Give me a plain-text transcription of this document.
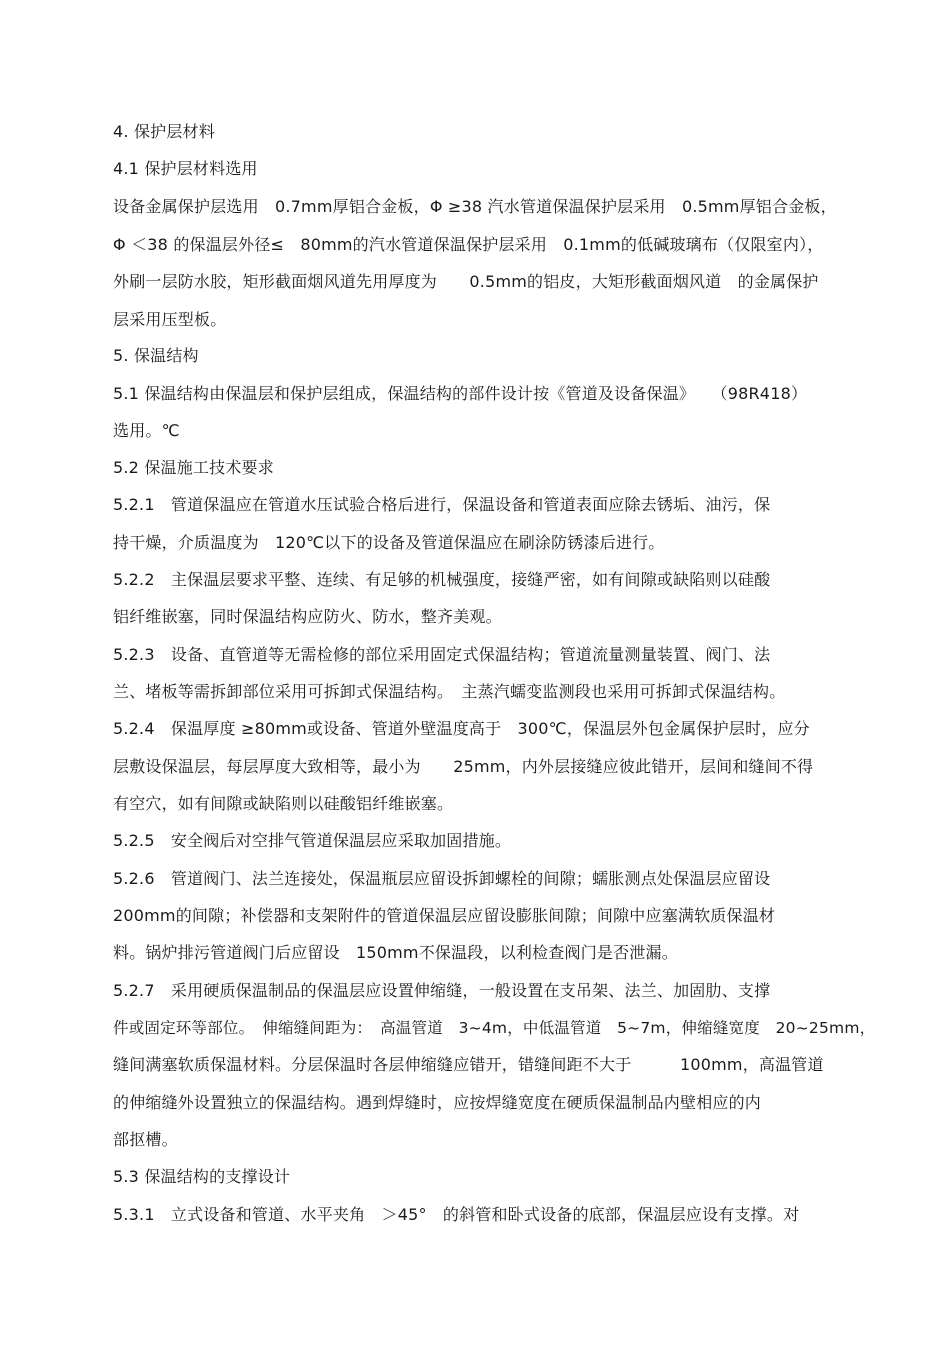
4. 保护层材料
4.1 保护层材料选用
设备金属保护层选用　0.7mm厚铝合金板，Φ ≥38 汽水管道保温保护层采用　0.5mm厚铝合金板，
Φ ＜38 的保温层外径≤　80mm的汽水管道保温保护层采用　0.1mm的低碱玻璃布（仅限室内），
外刷一层防水胶，矩形截面烟风道先用厚度为　　0.5mm的铝皮，大矩形截面烟风道　的金属保护
层采用压型板。
5. 保温结构
5.1 保温结构由保温层和保护层组成，保温结构的部件设计按《管道及设备保温》　　（98R418）
选用。℃
5.2 保温施工技术要求
5.2.1　管道保温应在管道水压试验合格后进行，保温设备和管道表面应除去锈垢、油污，保
持干燥，介质温度为　120℃以下的设备及管道保温应在刷涂防锈漆后进行。
5.2.2　主保温层要求平整、连续、有足够的机械强度，接缝严密，如有间隙或缺陷则以硅酸
铝纤维嵌塞，同时保温结构应防火、防水，整齐美观。
5.2.3　设备、直管道等无需检修的部位采用固定式保温结构；管道流量测量装置、阀门、法
兰、堵板等需拆卸部位采用可拆卸式保温结构。　主蒸汽蠕变监测段也采用可拆卸式保温结构。
5.2.4　保温厚度 ≥80mm或设备、管道外壁温度高于　300℃，保温层外包金属保护层时，应分
层敷设保温层，每层厚度大致相等，最小为　　25mm，内外层接缝应彼此错开，层间和缝间不得
有空穴，如有间隙或缺陷则以硅酸铝纤维嵌塞。
5.2.5　安全阀后对空排气管道保温层应采取加固措施。
5.2.6　管道阀门、法兰连接处，保温瓶层应留设拆卸螺栓的间隙；蠕胀测点处保温层应留设
200mm的间隙；补偿器和支架附件的管道保温层应留设膨胀间隙；间隙中应塞满软质保温材
料。锅炉排污管道阀门后应留设　150mm不保温段，以利检查阀门是否泄漏。
5.2.7　采用硬质保温制品的保温层应设置伸缩缝，一般设置在支吊架、法兰、加固肋、支撑
件或固定环等部位。　伸缩缝间距为：　高温管道　3~4m，中低温管道　5~7m，伸缩缝宽度　20~25mm，
缝间满塞软质保温材料。分层保温时各层伸缩缝应错开，错缝间距不大于　　　100mm，高温管道
的伸缩缝外设置独立的保温结构。遇到焊缝时，应按焊缝宽度在硬质保温制品内壁相应的内
部抠槽。
5.3 保温结构的支撑设计
5.3.1　立式设备和管道、水平夹角　＞45°　的斜管和卧式设备的底部，保温层应设有支撑。对
